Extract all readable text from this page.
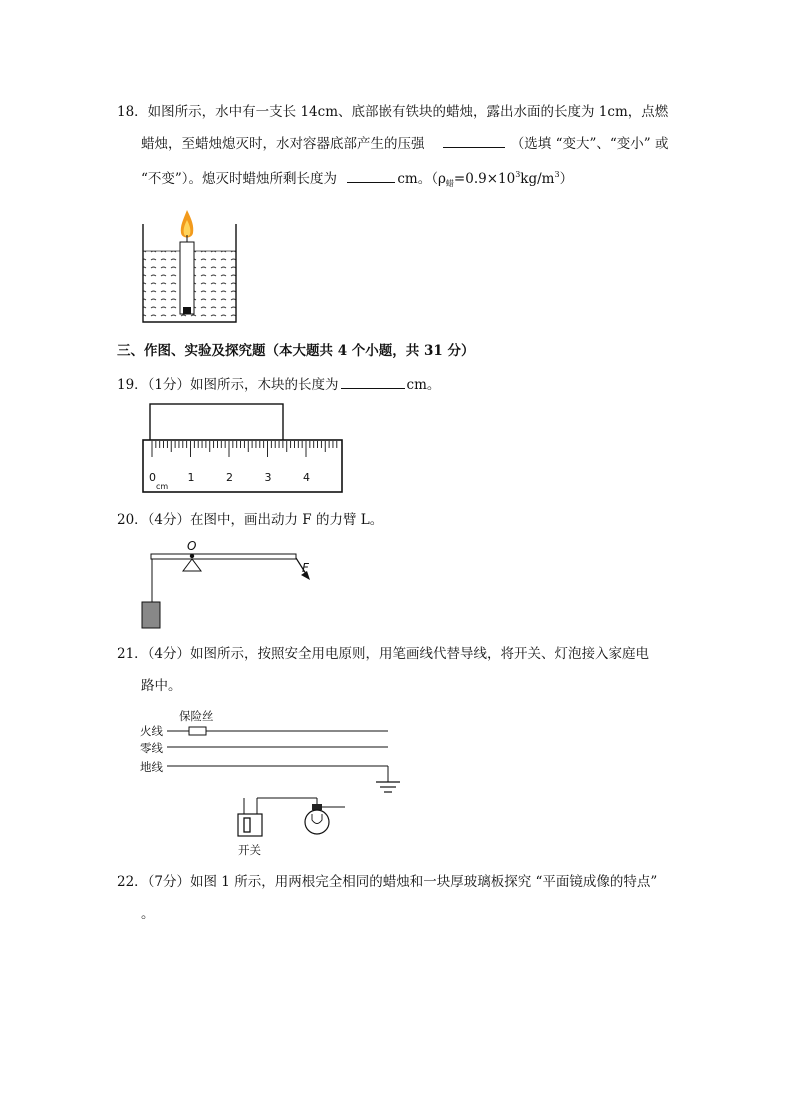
18．如图所示，水中有一支长 14cm、底部嵌有铁块的蜡烛，露出水面的长度为 1cm，点燃
蜡烛，至蜡烛熄灭时，水对容器底部产生的压强	（选填 “变大”、“变小” 或
“不变”）。熄灭时蜡烛所剩长度为	cm。$(\rho_蜡=0.9\times 10^3kg/m^3)$
三、作图、实验及探究题（本大题共 4 个小题，共 31 分）
19．（1分）如图所示，木块的长度为	cm。
0	1	2	3	4
cm
20．（4分）在图中，画出动力 F 的力臂 L。
O
F
21．（4分）如图所示，按照安全用电原则，用笔画线代替导线，将开关、灯泡接入家庭电
路中。
保险丝
火线
零线
地线
开关
22．（7分）如图 1 所示，用两根完全相同的蜡烛和一块厚玻璃板探究 “平面镜成像的特点”
。
